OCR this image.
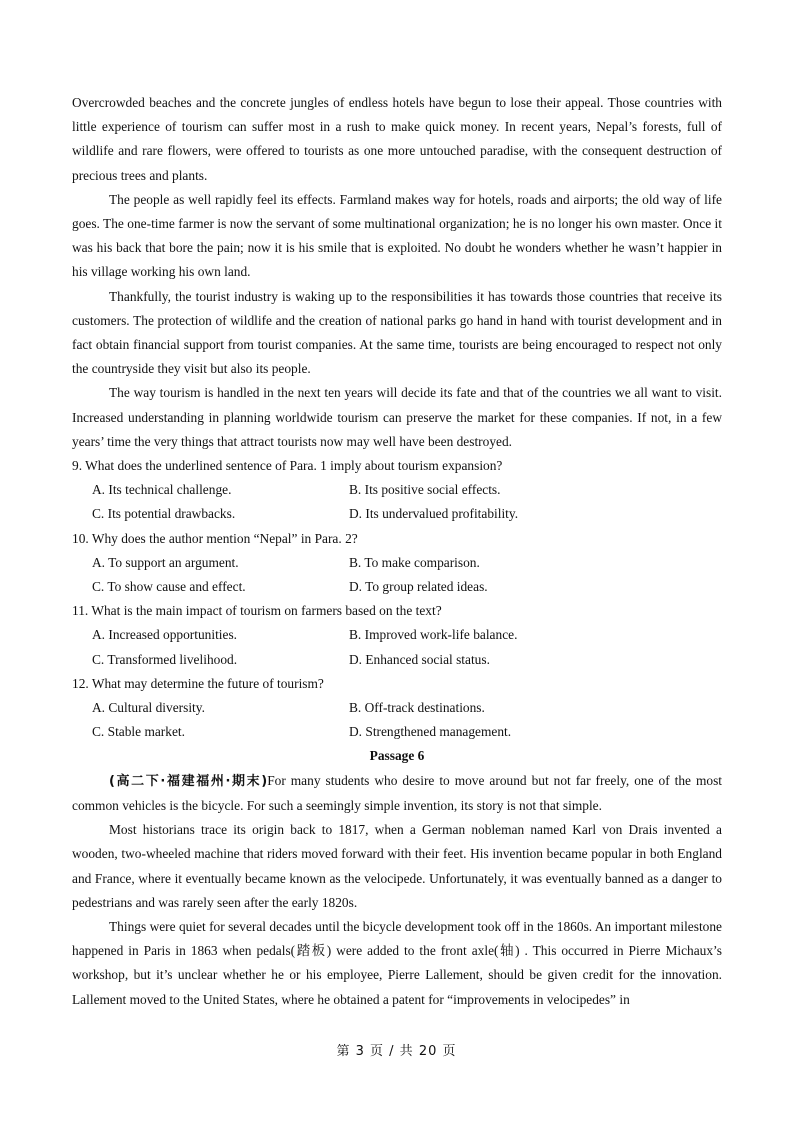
Overcrowded beaches and the concrete jungles of endless hotels have begun to lose their appeal. Those countries with little experience of tourism can suffer most in a rush to make quick money. In recent years, Nepal’s forests, full of wildlife and rare flowers, were offered to tourists as one more untouched paradise, with the consequent destruction of precious trees and plants.

The people as well rapidly feel its effects. Farmland makes way for hotels, roads and airports; the old way of life goes. The one-time farmer is now the servant of some multinational organization; he is no longer his own master. Once it was his back that bore the pain; now it is his smile that is exploited. No doubt he wonders whether he wasn’t happier in his village working his own land.

Thankfully, the tourist industry is waking up to the responsibilities it has towards those countries that receive its customers. The protection of wildlife and the creation of national parks go hand in hand with tourist development and in fact obtain financial support from tourist companies. At the same time, tourists are being encouraged to respect not only the countryside they visit but also its people.

The way tourism is handled in the next ten years will decide its fate and that of the countries we all want to visit. Increased understanding in planning worldwide tourism can preserve the market for these companies. If not, in a few years’ time the very things that attract tourists now may well have been destroyed.

9. What does the underlined sentence of Para. 1 imply about tourism expansion?

A. Its technical challenge.	B. Its positive social effects.
C. Its potential drawbacks.	D. Its undervalued profitability.

10. Why does the author mention “Nepal” in Para. 2?

A. To support an argument.	B. To make comparison.
C. To show cause and effect.	D. To group related ideas.

11. What is the main impact of tourism on farmers based on the text?

A. Increased opportunities.	B. Improved work-life balance.
C. Transformed livelihood.	D. Enhanced social status.

12. What may determine the future of tourism?

A. Cultural diversity.	B. Off-track destinations.
C. Stable market.	D. Strengthened management.

Passage 6

(高二下·福建福州·期末)For many students who desire to move around but not far freely, one of the most common vehicles is the bicycle. For such a seemingly simple invention, its story is not that simple.

Most historians trace its origin back to 1817, when a German nobleman named Karl von Drais invented a wooden, two-wheeled machine that riders moved forward with their feet. His invention became popular in both England and France, where it eventually became known as the velocipede. Unfortunately, it was eventually banned as a danger to pedestrians and was rarely seen after the early 1820s.

Things were quiet for several decades until the bicycle development took off in the 1860s. An important milestone happened in Paris in 1863 when pedals(踏板) were added to the front axle(轴) . This occurred in Pierre Michaux’s workshop, but it’s unclear whether he or his employee, Pierre Lallement, should be given credit for the innovation. Lallement moved to the United States, where he obtained a patent for “improvements in velocipedes” in

第 3 页 / 共 20 页
